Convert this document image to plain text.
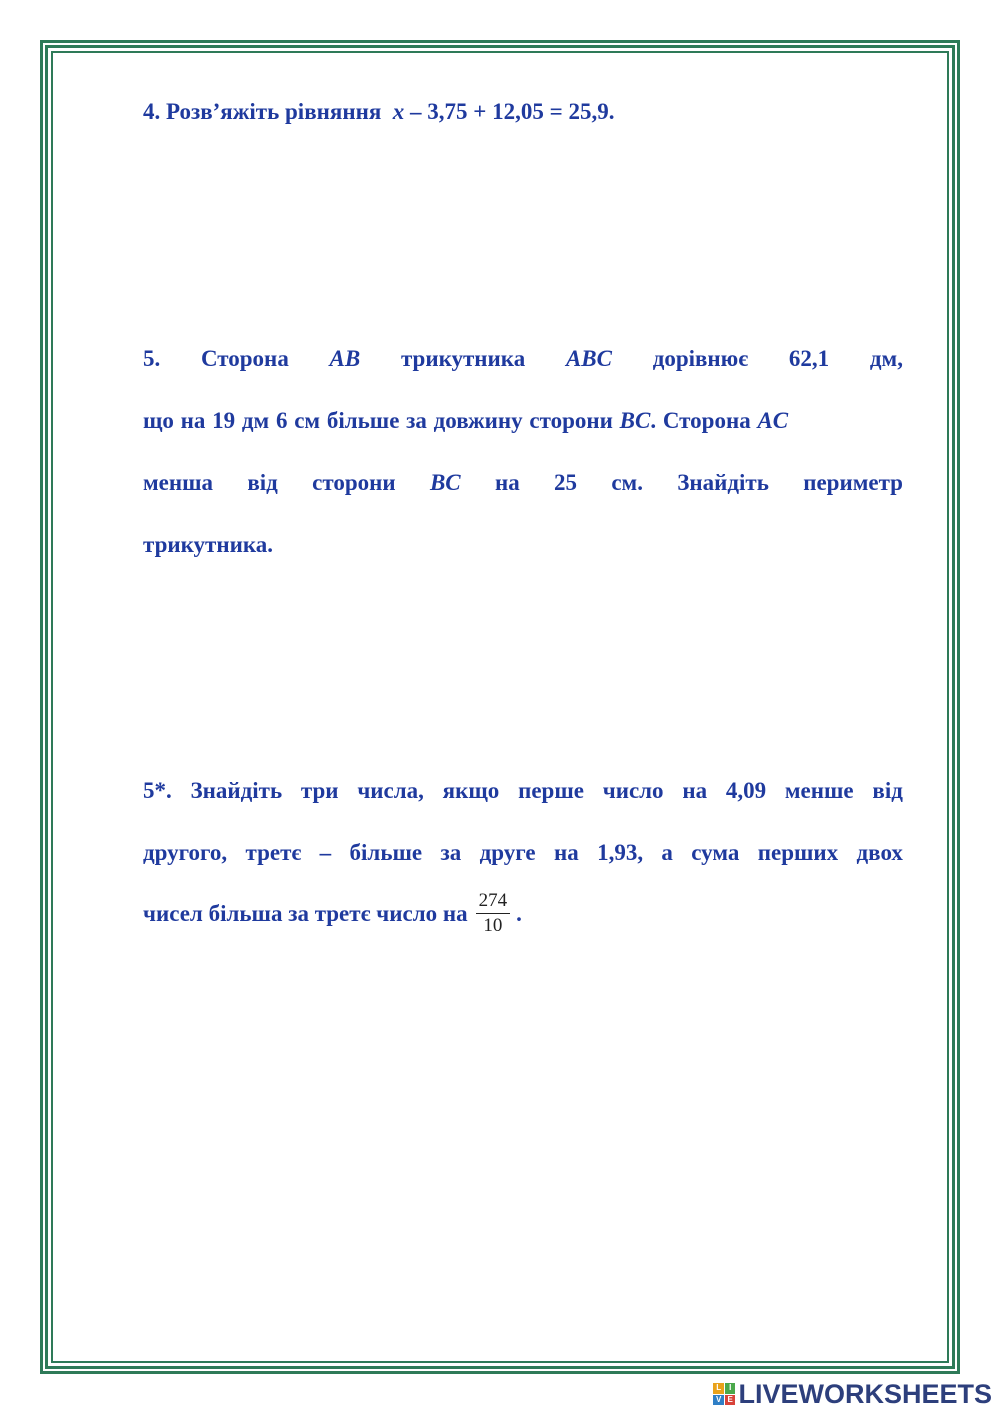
4. Розв’яжіть рівняння x – 3,75 + 12,05 = 25,9.
5. Сторона AB трикутника ABC дорівнює 62,1 дм,
що на 19 дм 6 см більше за довжину сторони BC. Сторона AC
менша від сторони BC на 25 см. Знайдіть периметр
трикутника.
5*. Знайдіть три числа, якщо перше число на 4,09 менше від
другого, третє – більше за друге на 1,93, а сума перших двох
чисел більша за третє число на $\frac{274}{10}$ .
L I
V E LIVEWORKSHEETS
